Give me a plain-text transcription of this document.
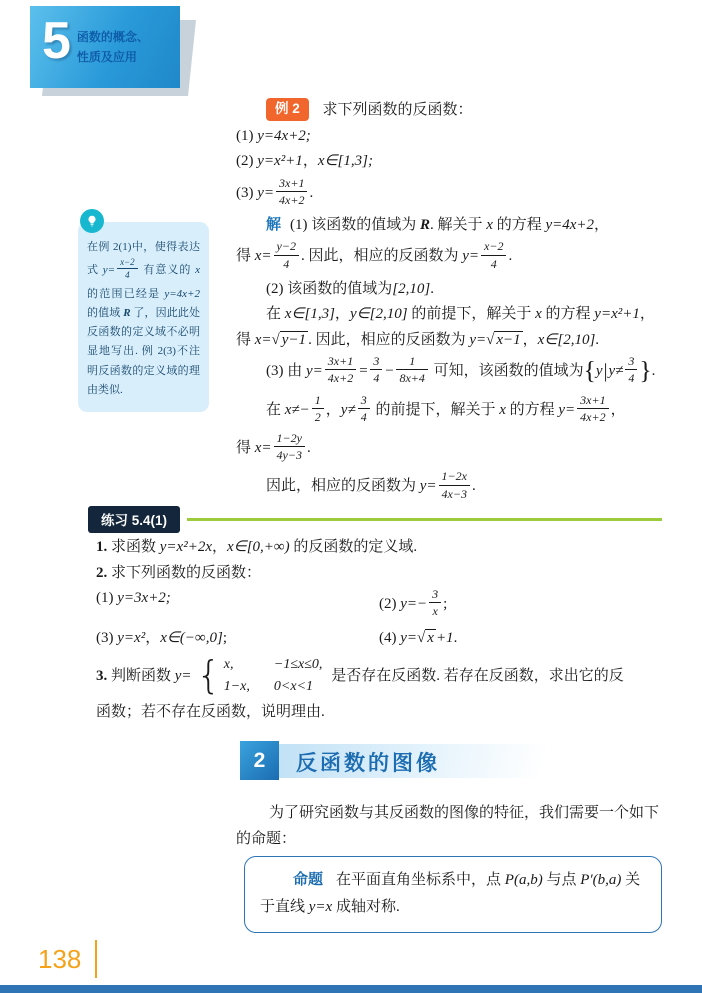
5 函数的概念、
性质及应用
在例 2(1)中，使得表达式 $y= \frac{x-2}{4}$ 有意义的 x 的范围已经是 y=4x+2 的值域 R 了，因此此处反函数的定义域不必明显地写出. 例 2(3)不注明反函数的定义域的理由类似.

例 2 求下列函数的反函数：

(1) y=4x+2;

(2) y=x²+1，x∈[1,3];

(3) $y= \frac{3x+1}{4x+2}$ .

解 (1) 该函数的值域为 R. 解关于 x 的方程 y=4x+2，

得 $x= \frac{y-2}{4}$ . 因此，相应的反函数为 $y= \frac{x-2}{4}$ .

(2) 该函数的值域为[2,10].

在 x∈[1,3]，y∈[2,10] 的前提下，解关于 x 的方程 y=x²+1，

得 x=√ y−1 . 因此，相应的反函数为 y=√ x−1 ，x∈[2,10].

(3) 由 $y= \frac{3x+1}{4x+2} = \frac{3}{4} - \frac{1}{8x+4}$ 可知，该函数的值域为{$y|y\ne \frac{3}{4}$ }.

在 $x\ne- \frac{1}{2}$ ，$y\ne \frac{3}{4}$ 的前提下，解关于 x 的方程 $y= \frac{3x+1}{4x+2}$ ，

得 $x= \frac{1-2y}{4y-3}$ .

因此，相应的反函数为 $y= \frac{1-2x}{4x-3}$ .

练习 5.4(1)

1. 求函数 y=x²+2x，x∈[0,+∞) 的反函数的定义域.

2. 求下列函数的反函数：

(1) y=3x+2;	(2) $y=- \frac{3}{x}$ ;

(3) y=x²，x∈(−∞,0];	(4) y=√ x +1.

3. 判断函数 y= { x,	−1≤x≤0,
1−x, 0<x<1
是否存在反函数. 若存在反函数，求出它的反

函数；若不存在反函数，说明理由.

2	反函数的图像

为了研究函数与其反函数的图像的特征，我们需要一个如下的命题：

命题 在平面直角坐标系中，点 P(a,b) 与点 P′(b,a) 关于直线 y=x 成轴对称.

138
